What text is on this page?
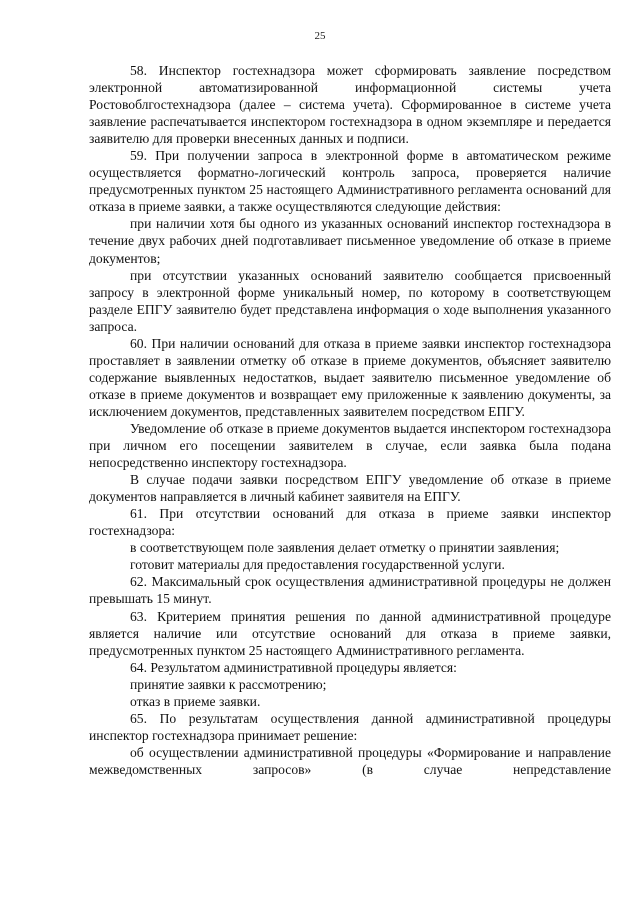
25

58. Инспектор гостехнадзора может сформировать заявление посредством электронной автоматизированной информационной системы учета Ростовоблгостехнадзора (далее – система учета). Сформированное в системе учета заявление распечатывается инспектором гостехнадзора в одном экземпляре и передается заявителю для проверки внесенных данных и подписи.

59. При получении запроса в электронной форме в автоматическом режиме осуществляется форматно-логический контроль запроса, проверяется наличие предусмотренных пунктом 25 настоящего Административного регламента оснований для отказа в приеме заявки, а также осуществляются следующие действия:

при наличии хотя бы одного из указанных оснований инспектор гостехнадзора в течение двух рабочих дней подготавливает письменное уведомление об отказе в приеме документов;

при отсутствии указанных оснований заявителю сообщается присвоенный запросу в электронной форме уникальный номер, по которому в соответствующем разделе ЕПГУ заявителю будет представлена информация о ходе выполнения указанного запроса.

60. При наличии оснований для отказа в приеме заявки инспектор гостехнадзора проставляет в заявлении отметку об отказе в приеме документов, объясняет заявителю содержание выявленных недостатков, выдает заявителю письменное уведомление об отказе в приеме документов и возвращает ему приложенные к заявлению документы, за исключением документов, представленных заявителем посредством ЕПГУ.

Уведомление об отказе в приеме документов выдается инспектором гостехнадзора при личном его посещении заявителем в случае, если заявка была подана непосредственно инспектору гостехнадзора.

В случае подачи заявки посредством ЕПГУ уведомление об отказе в приеме документов направляется в личный кабинет заявителя на ЕПГУ.

61. При отсутствии оснований для отказа в приеме заявки инспектор гостехнадзора:

в соответствующем поле заявления делает отметку о принятии заявления;

готовит материалы для предоставления государственной услуги.

62. Максимальный срок осуществления административной процедуры не должен превышать 15 минут.

63. Критерием принятия решения по данной административной процедуре является наличие или отсутствие оснований для отказа в приеме заявки, предусмотренных пунктом 25 настоящего Административного регламента.

64. Результатом административной процедуры является:

принятие заявки к рассмотрению;

отказ в приеме заявки.

65. По результатам осуществления данной административной процедуры инспектор гостехнадзора принимает решение:

об осуществлении административной процедуры «Формирование и направление межведомственных запросов» (в случае непредставление
